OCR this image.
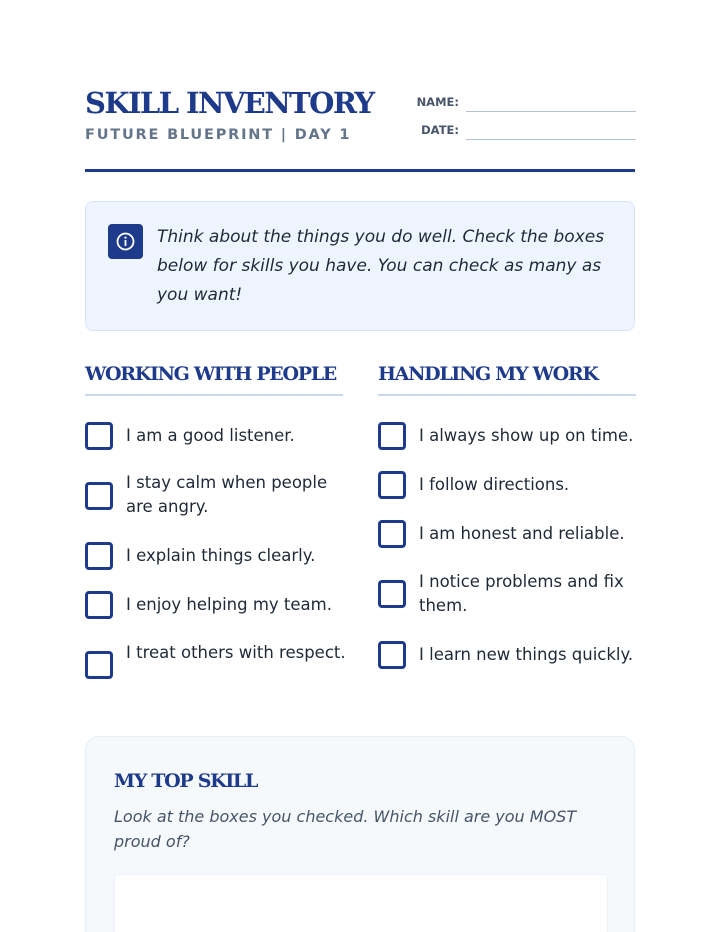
SKILL INVENTORY
FUTURE BLUEPRINT | DAY 1
NAME:
DATE:
Think about the things you do well. Check the boxes below for skills you have. You can check as many as you want!
WORKING WITH PEOPLE
I am a good listener.
I stay calm when people are angry.
I explain things clearly.
I enjoy helping my team.
I treat others with respect.
HANDLING MY WORK
I always show up on time.
I follow directions.
I am honest and reliable.
I notice problems and fix them.
I learn new things quickly.
MY TOP SKILL
Look at the boxes you checked. Which skill are you MOST proud of?
